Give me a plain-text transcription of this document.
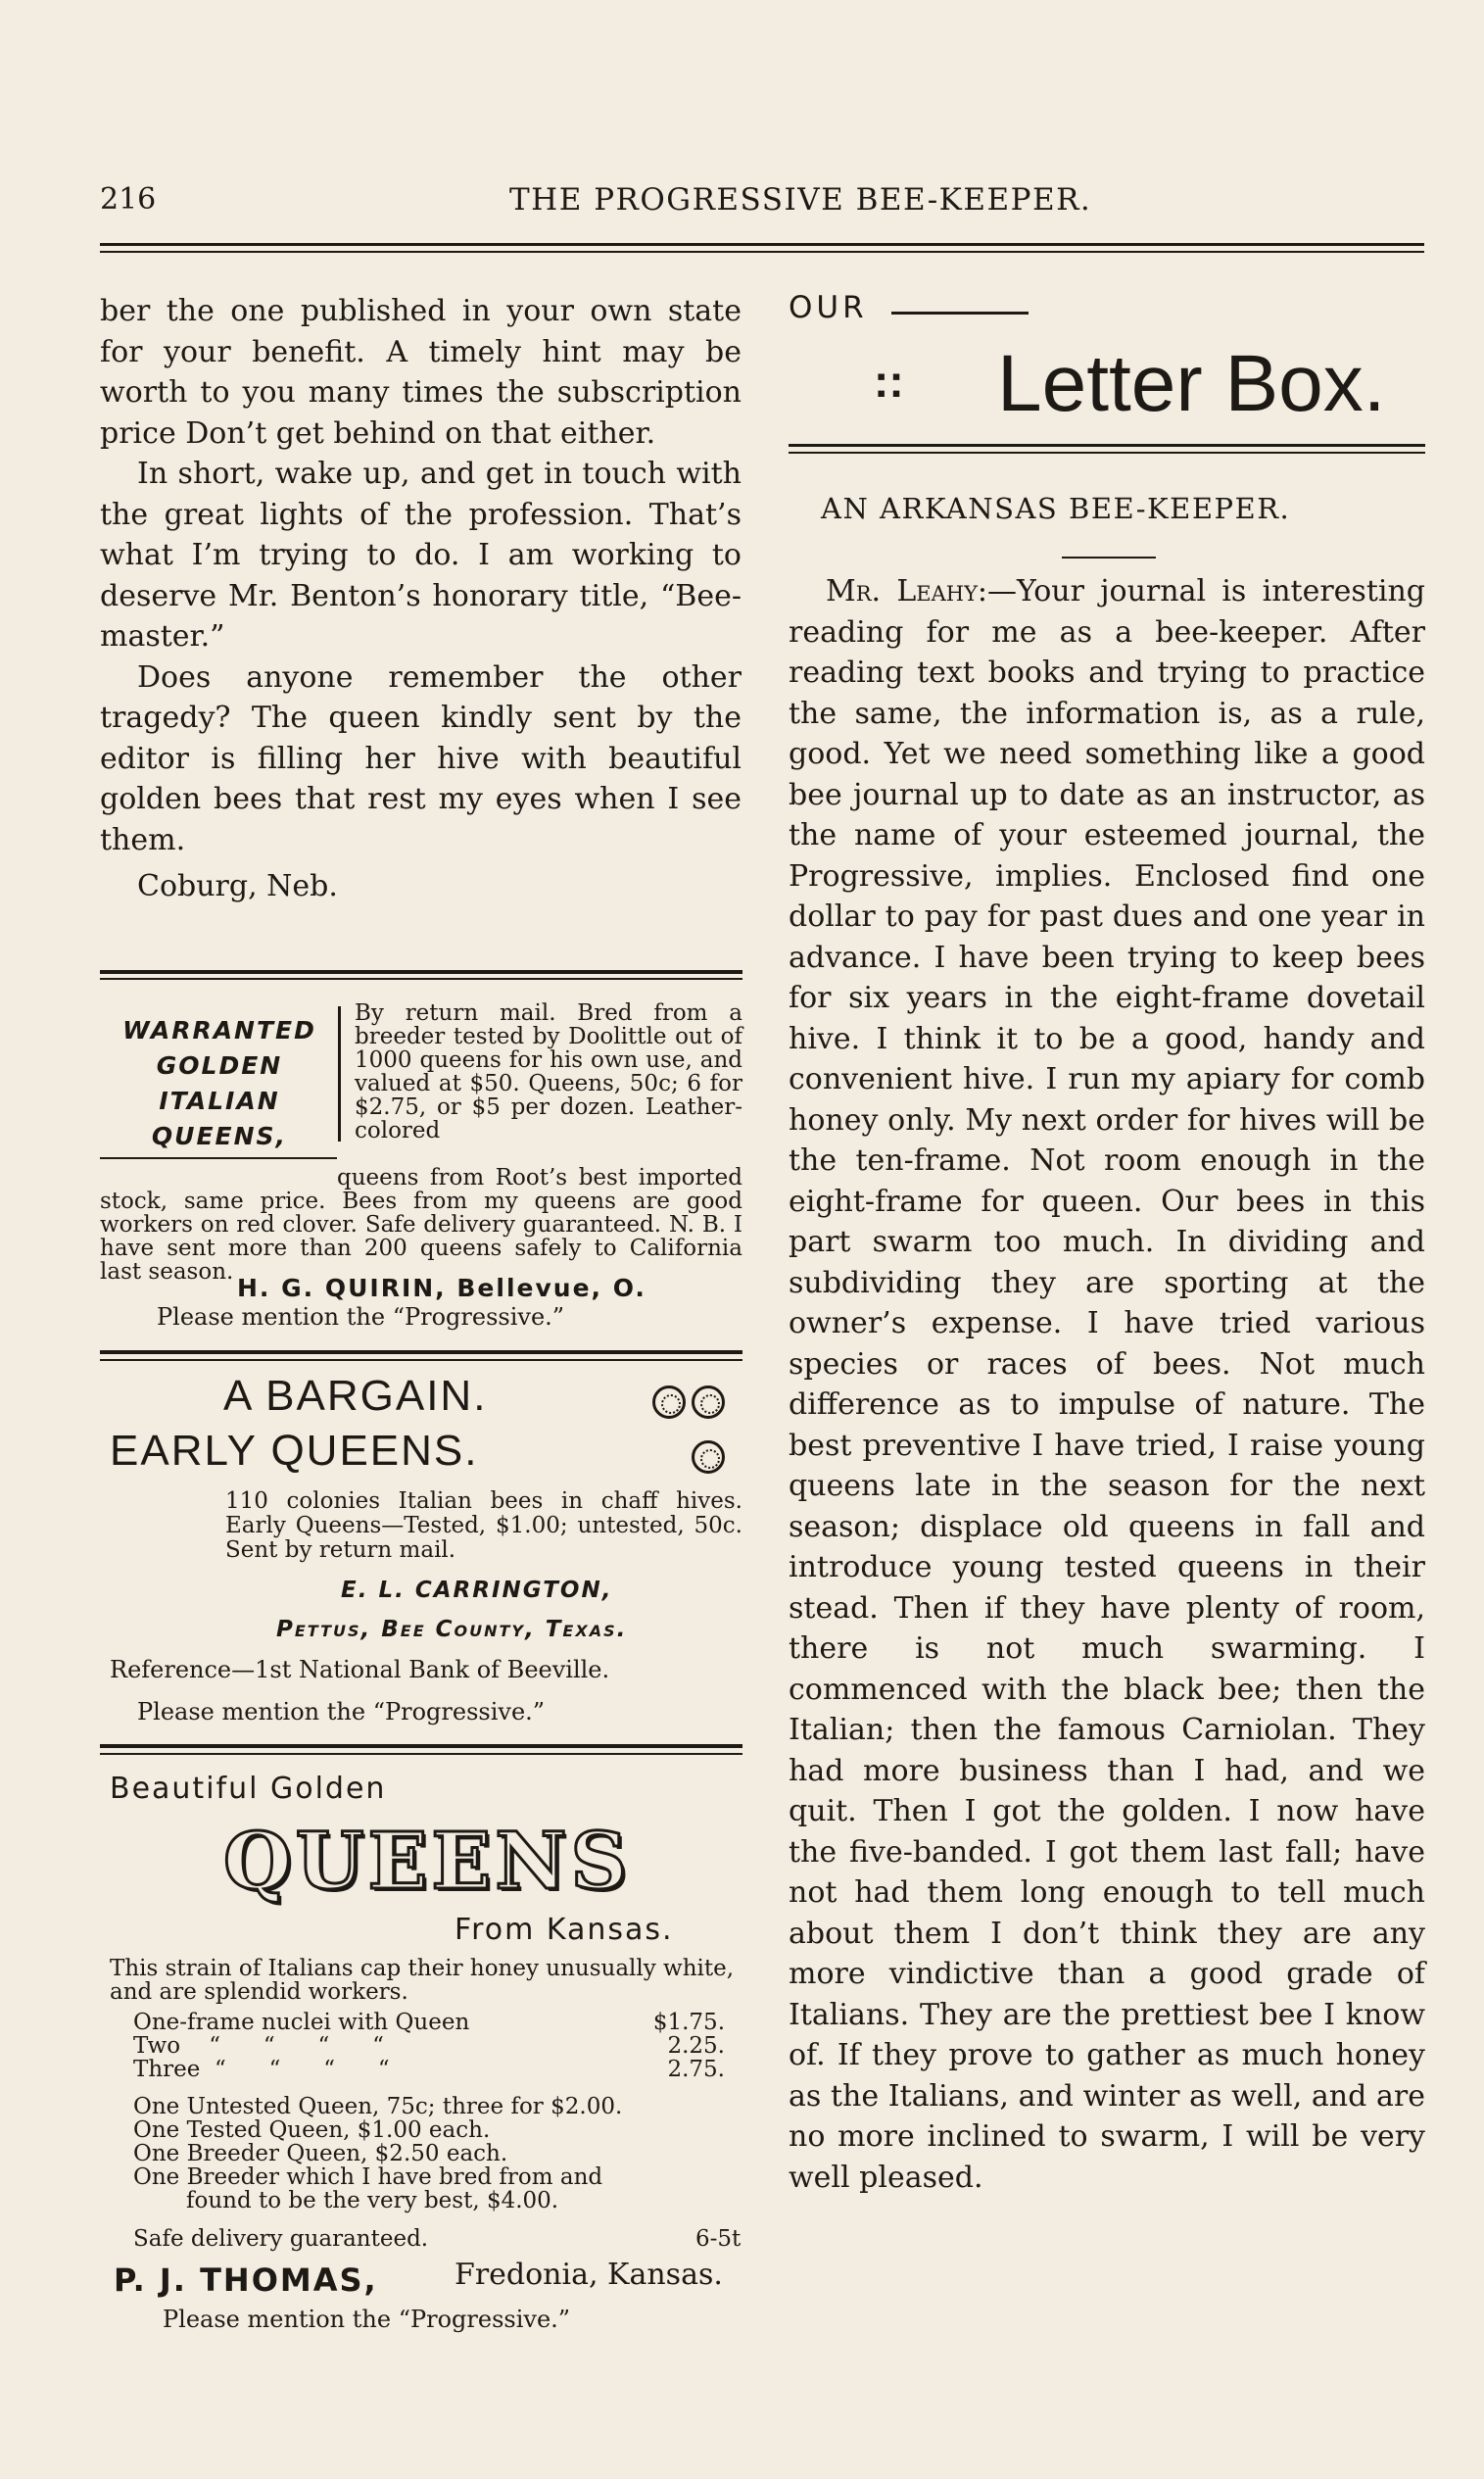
216	THE PROGRESSIVE BEE-KEEPER.

ber the one published in your own state for your benefit. A timely hint may be worth to you many times the subscription price Don’t get behind on that either.

In short, wake up, and get in touch with the great lights of the profession. That’s what I’m trying to do. I am working to deserve Mr. Benton’s honorary title, “Bee-master.”

Does anyone remember the other tragedy? The queen kindly sent by the editor is filling her hive with beautiful golden bees that rest my eyes when I see them.

Coburg, Neb.

WARRANTED
GOLDEN
ITALIAN
QUEENS,
By return mail. Bred from a breeder tested by Doolittle out of 1000 queens for his own use, and valued at $50. Queens, 50c; 6 for $2.75, or $5 per dozen. Leather-colored
queens from Root’s best imported stock, same price. Bees from my queens are good workers on red clover. Safe delivery guaranteed. N. B. I have sent more than 200 queens safely to California last season.
H. G. QUIRIN, Bellevue, O.
Please mention the “Progressive.”
A BARGAIN.
EARLY QUEENS.
110 colonies Italian bees in chaff hives. Early Queens—Tested, $1.00; untested, 50c. Sent by return mail.
E. L. CARRINGTON,
Pettus, Bee County, Texas.
Reference—1st National Bank of Beeville.
Please mention the “Progressive.”
Beautiful Golden
QUEENS
From Kansas.
This strain of Italians cap their honey unusually white, and are splendid workers.
One-frame nuclei with Queen	$1.75.
Two    “      “      “      “	2.25.
Three  “      “      “      “	2.75.
One Untested Queen, 75c; three for $2.00.
One Tested Queen, $1.00 each.
One Breeder Queen, $2.50 each.
One Breeder which I have bred from and
found to be the very best, $4.00.
Safe delivery guaranteed.	6-5t
P. J. THOMAS,	Fredonia, Kansas.
Please mention the “Progressive.”
OUR
:: Letter Box.
AN ARKANSAS BEE-KEEPER.

Mr. Leahy:—Your journal is interesting reading for me as a bee-keeper. After reading text books and trying to practice the same, the information is, as a rule, good. Yet we need something like a good bee journal up to date as an instructor, as the name of your esteemed journal, the Progressive, implies. Enclosed find one dollar to pay for past dues and one year in advance. I have been trying to keep bees for six years in the eight-frame dovetail hive. I think it to be a good, handy and convenient hive. I run my apiary for comb honey only. My next order for hives will be the ten-frame. Not room enough in the eight-frame for queen. Our bees in this part swarm too much. In dividing and subdividing they are sporting at the owner’s expense. I have tried various species or races of bees. Not much difference as to impulse of nature. The best preventive I have tried, I raise young queens late in the season for the next season; displace old queens in fall and introduce young tested queens in their stead. Then if they have plenty of room, there is not much swarming. I commenced with the black bee; then the Italian; then the famous Carniolan. They had more business than I had, and we quit. Then I got the golden. I now have the five-banded. I got them last fall; have not had them long enough to tell much about them I don’t think they are any more vindictive than a good grade of Italians. They are the prettiest bee I know of. If they prove to gather as much honey as the Italians, and winter as well, and are no more inclined to swarm, I will be very well pleased.
